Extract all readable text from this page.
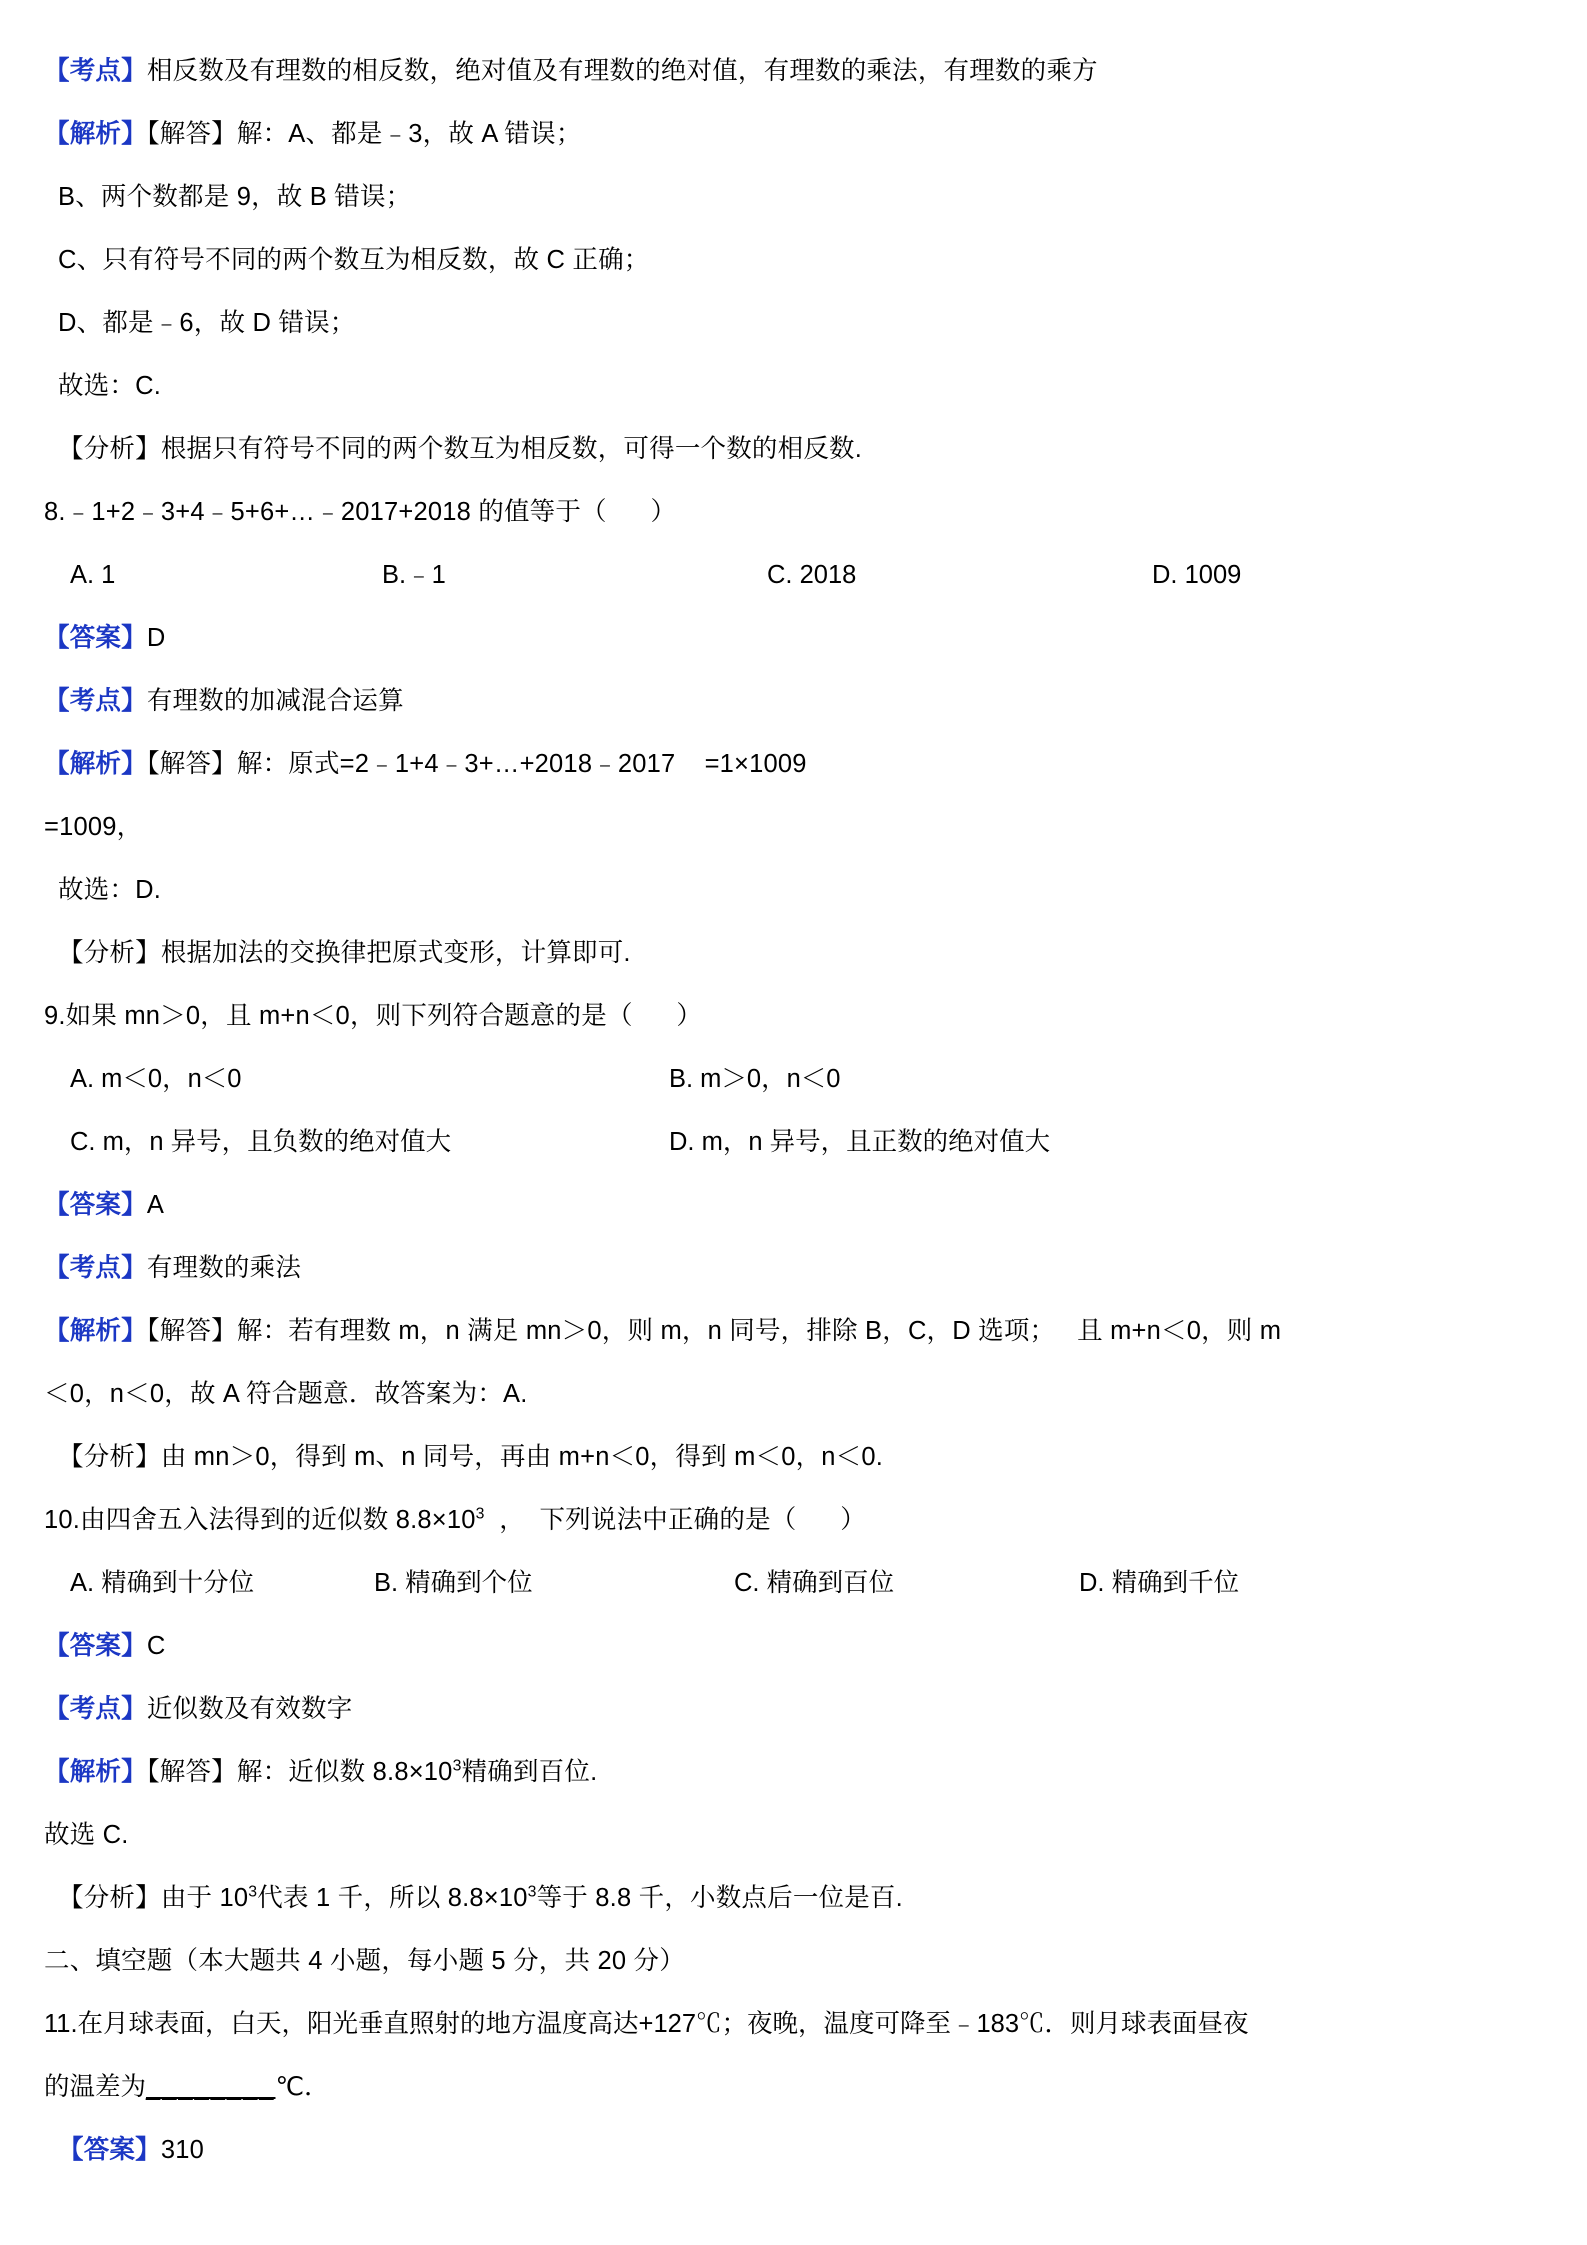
【考点】相反数及有理数的相反数，绝对值及有理数的绝对值，有理数的乘法，有理数的乘方
【解析】【解答】解：A、都是﹣3，故 A 错误；
B、两个数都是 9，故 B 错误；
C、只有符号不同的两个数互为相反数，故 C 正确；
D、都是﹣6，故 D 错误；
故选：C.
【分析】根据只有符号不同的两个数互为相反数，可得一个数的相反数.
8.﹣1+2﹣3+4﹣5+6+…﹣2017+2018 的值等于（      ）
A. 1	B.﹣1	C. 2018	D. 1009
【答案】D
【考点】有理数的加减混合运算
【解析】【解答】解：原式=2﹣1+4﹣3+…+2018﹣2017    =1×1009
=1009，
故选：D.
【分析】根据加法的交换律把原式变形，计算即可.
9.如果 mn＞0，且 m+n＜0，则下列符合题意的是（      ）
A. m＜0，n＜0	B. m＞0，n＜0
C. m，n 异号，且负数的绝对值大	D. m，n 异号，且正数的绝对值大
【答案】A
【考点】有理数的乘法
【解析】【解答】解：若有理数 m，n 满足 mn＞0，则 m，n 同号，排除 B，C，D 选项；   且 m+n＜0，则 m
＜0，n＜0，故 A 符合题意．故答案为：A.
【分析】由 mn＞0，得到 m、n 同号，再由 m+n＜0，得到 m＜0，n＜0.
10.由四舍五入法得到的近似数 $8.8\times 10^3$  ，  下列说法中正确的是（      ）
A. 精确到十分位	B. 精确到个位	C. 精确到百位	D. 精确到千位
【答案】C
【考点】近似数及有效数字
【解析】【解答】解：近似数 $8.8\times 10^3$精确到百位.
故选 C.
【分析】由于 $10^3$代表 1 千，所以 $8.8\times 10^3$等于 8.8 千，小数点后一位是百.
二、填空题（本大题共 4 小题，每小题 5 分，共 20 分）
11.在月球表面，白天，阳光垂直照射的地方温度高达+127℃；夜晚，温度可降至﹣183℃．则月球表面昼夜
的温差为________℃．
【答案】310
